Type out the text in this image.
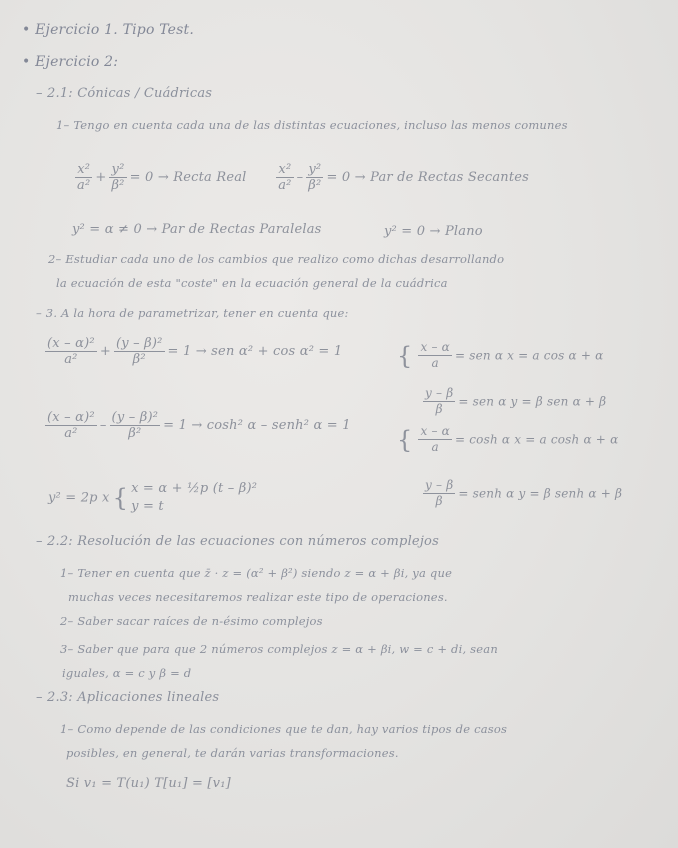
• Ejercicio 1. Tipo Test.
• Ejercicio 2:
– 2.1: Cónicas / Cuádricas
1– Tengo en cuenta cada una de las distintas ecuaciones, incluso las menos comunes
$\frac{\text{x²}}{\text{a²}} + \frac{\text{y²}}{\text{β²}} = 0$ → Recta Real $\frac{\text{x²}}{\text{a²}} - \frac{\text{y²}}{\text{β²}} = 0$ → Par de Rectas Secantes
y² = α ≠ 0 → Par de Rectas Paralelas	y² = 0 → Plano
2– Estudiar cada uno de los cambios que realizo como dichas desarrollando
la ecuación de esta "coste" en la ecuación general de la cuádrica
– 3. A la hora de parametrizar, tener en cuenta que:
$\frac{\text{(x – α)²}}{\text{a²}} + \frac{\text{(y – β)²}}{\text{β²}} = 1$ → sen α² + cos α² = 1 { $\frac{x - \alpha}{a}$ = sen α x = a cos α + α
$\frac{y - \beta}{\beta}$ = sen α y = β sen α + β
$\frac{\text{(x – α)²}}{\text{a²}} - \frac{\text{(y – β)²}}{\text{β²}} = 1 \to \cosh^2$ α – senh² α = 1 { $\frac{x - \alpha}{a} = \cosh \alpha$ x = a cosh α + α
$\frac{y - \beta}{\beta}$ = senh α y = β senh α + β
y² = 2p x { x = α + ½p (t – β)²
y = t
– 2.2: Resolución de las ecuaciones con números complejos
1– Tener en cuenta que z̄ · z = (α² + β²) siendo z = α + βi, ya que
muchas veces necesitaremos realizar este tipo de operaciones.
2– Saber sacar raíces de n-ésimo complejos
3– Saber que para que 2 números complejos z = α + βi, w = c + di, sean
iguales, α = c y β = d
– 2.3: Aplicaciones lineales
1– Como depende de las condiciones que te dan, hay varios tipos de casos
posibles, en general, te darán varias transformaciones.
Si v₁ = T(u₁) T[u₁] = [v₁]
